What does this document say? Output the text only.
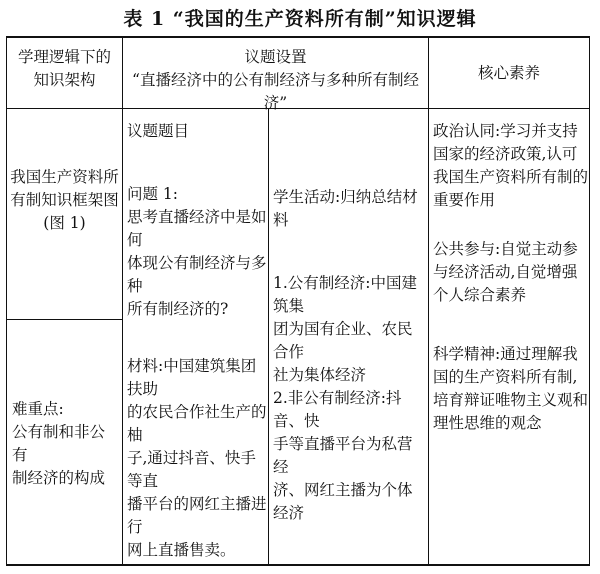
表 1 “我国的生产资料所有制”知识逻辑

学理逻辑下的

知识架构

议题设置

“直播经济中的公有制经济与多种所有制经济”

核心素养

我国生产资料所

有制知识框架图

(图 1)

难重点:

公有制和非公有

制经济的构成

议题题目

问题 1:

思考直播经济中是如何

体现公有制经济与多种

所有制经济的?

材料:中国建筑集团扶助

的农民合作社生产的柚

子,通过抖音、快手等直

播平台的网红主播进行

网上直播售卖。

学生活动:归纳总结材料

1.公有制经济:中国建筑集

团为国有企业、农民合作

社为集体经济

2.非公有制经济:抖音、快

手等直播平台为私营经

济、网红主播为个体经济

政治认同:学习并支持

国家的经济政策,认可

我国生产资料所有制的

重要作用

公共参与:自觉主动参

与经济活动,自觉增强

个人综合素养

科学精神:通过理解我

国的生产资料所有制,

培育辩证唯物主义观和

理性思维的观念
